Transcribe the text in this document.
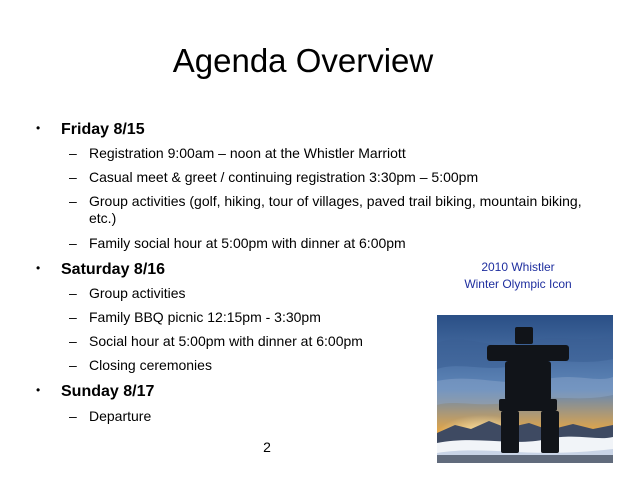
Agenda Overview
• Friday 8/15
– Registration 9:00am – noon at the Whistler Marriott
– Casual meet & greet / continuing registration 3:30pm – 5:00pm
– Group activities (golf, hiking, tour of villages, paved trail biking, mountain biking, etc.)
– Family social hour at 5:00pm with dinner at 6:00pm
• Saturday 8/16
– Group activities
– Family BBQ picnic 12:15pm - 3:30pm
– Social hour at 5:00pm with dinner at 6:00pm
– Closing ceremonies
• Sunday 8/17
– Departure
2010 Whistler
Winter Olympic Icon
2
